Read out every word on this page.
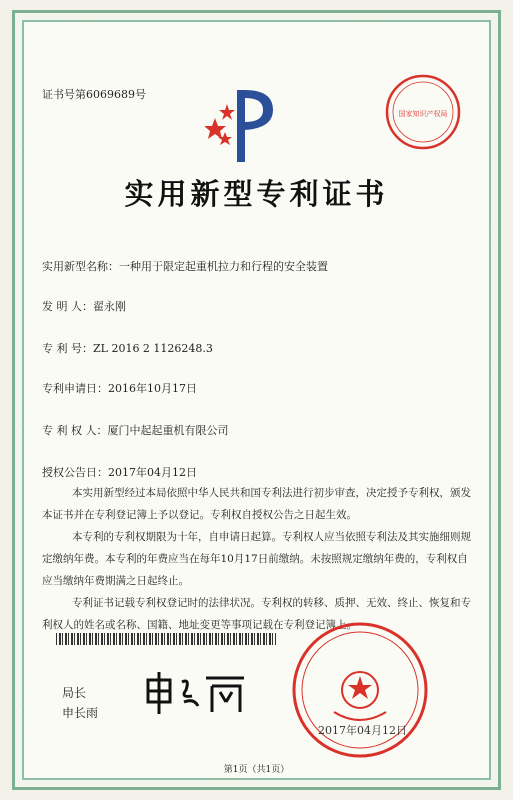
证书号第6069689号
实用新型专利证书
实用新型名称：一种用于限定起重机拉力和行程的安全装置
发 明 人：翟永刚
专 利 号：ZL 2016 2 1126248.3
专利申请日：2016年10月17日
专 利 权 人：厦门中起起重机有限公司
授权公告日：2017年04月12日

本实用新型经过本局依照中华人民共和国专利法进行初步审查，决定授予专利权，颁发本证书并在专利登记簿上予以登记。专利权自授权公告之日起生效。

本专利的专利权期限为十年，自申请日起算。专利权人应当依照专利法及其实施细则规定缴纳年费。本专利的年费应当在每年10月17日前缴纳。未按照规定缴纳年费的，专利权自应当缴纳年费期满之日起终止。

专利证书记载专利权登记时的法律状况。专利权的转移、质押、无效、终止、恢复和专利权人的姓名或名称、国籍、地址变更等事项记载在专利登记簿上。

局长
申长雨
国家知识产权局
2017年04月12日
第1页（共1页）
